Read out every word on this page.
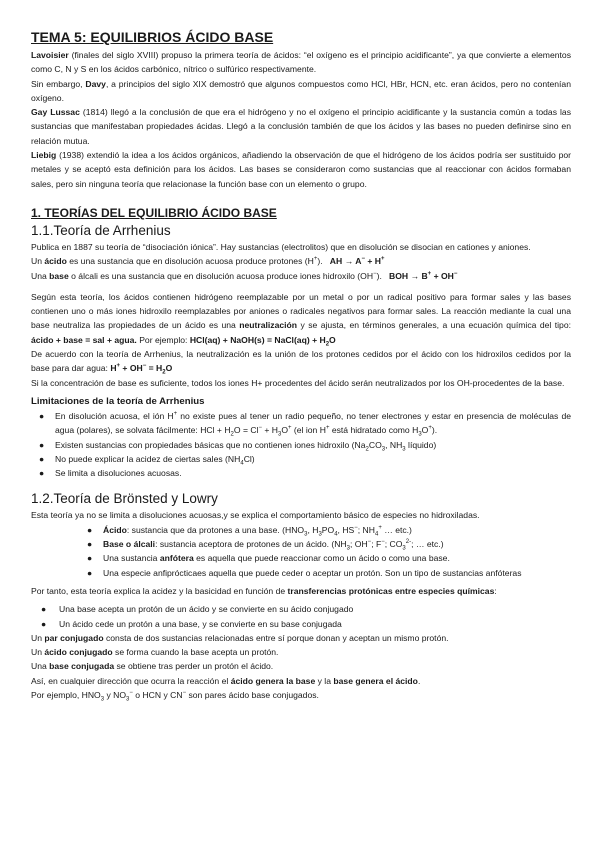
TEMA 5: EQUILIBRIOS ÁCIDO BASE

Lavoisier (finales del siglo XVIII) propuso la primera teoría de ácidos: “el oxígeno es el principio acidificante”, ya que convierte a elementos como C, N y S en los ácidos carbónico, nítrico o sulfúrico respectivamente.

Sin embargo, Davy, a principios del siglo XIX demostró que algunos compuestos como HCl, HBr, HCN, etc. eran ácidos, pero no contenían oxígeno.

Gay Lussac (1814) llegó a la conclusión de que era el hidrógeno y no el oxígeno el principio acidificante y la sustancia común a todas las sustancias que manifestaban propiedades ácidas. Llegó a la conclusión también de que los ácidos y las bases no pueden definirse sino en relación mutua.

Liebig (1938) extendió la idea a los ácidos orgánicos, añadiendo la observación de que el hidrógeno de los ácidos podría ser sustituido por metales y se aceptó esta definición para los ácidos. Las bases se consideraron como sustancias que al reaccionar con ácidos formaban sales, pero sin ninguna teoría que relacionase la función base con un elemento o grupo.

1. TEORÍAS DEL EQUILIBRIO ÁCIDO BASE
1.1.Teoría de Arrhenius

Publica en 1887 su teoría de “disociación iónica”. Hay sustancias (electrolitos) que en disolución se disocian en cationes y aniones.

Un ácido es una sustancia que en disolución acuosa produce protones (H+). AH → A− + H+

Una base o álcali es una sustancia que en disolución acuosa produce iones hidroxilo (OH−). BOH → B+ + OH−

Según esta teoría, los ácidos contienen hidrógeno reemplazable por un metal o por un radical positivo para formar sales y las bases contienen uno o más iones hidroxilo reemplazables por aniones o radicales negativos para formar sales. La reacción mediante la cual una base neutraliza las propiedades de un ácido es una neutralización y se ajusta, en términos generales, a una ecuación química del tipo: ácido + base = sal + agua. Por ejemplo: HCl(aq) + NaOH(s) = NaCl(aq) + $H_2O$

De acuerdo con la teoría de Arrhenius, la neutralización es la unión de los protones cedidos por el ácido con los hidroxilos cedidos por la base para dar agua: $H^+ + OH^- = H_2O$

Si la concentración de base es suficiente, todos los iones H+ procedentes del ácido serán neutralizados por los OH-procedentes de la base.

Limitaciones de la teoría de Arrhenius
● En disolución acuosa, el ión H+ no existe pues al tener un radio pequeño, no tener electrones y estar en presencia de moléculas de agua (polares), se solvata fácilmente: HCl + $H_2O = Cl^- + H_3O^+$ (el ion H+ está hidratado como $H_3O^+$).
● Existen sustancias con propiedades básicas que no contienen iones hidroxilo ($Na_2CO_3$, $NH_3$ líquido)
● No puede explicar la acidez de ciertas sales $(NH_4Cl)$
● Se limita a disoluciones acuosas.
1.2.Teoría de Brönsted y Lowry

Esta teoría ya no se limita a disoluciones acuosas,y se explica el comportamiento básico de especies no hidroxiladas.

● Ácido: sustancia que da protones a una base. ($HNO_3$, $H_3PO_4$, HS−; $NH_4^+$ … etc.)
● Base o álcali: sustancia aceptora de protones de un ácido. ($NH_3$; OH−; F−; $CO_3^{2-}$; … etc.)
● Una sustancia anfótera es aquella que puede reaccionar como un ácido o como una base.
● Una especie anfiprócticaes aquella que puede ceder o aceptar un protón. Son un tipo de sustancias anfóteras

Por tanto, esta teoría explica la acidez y la basicidad en función de transferencias protónicas entre especies químicas:

● Una base acepta un protón de un ácido y se convierte en su ácido conjugado
● Un ácido cede un protón a una base, y se convierte en su base conjugada

Un par conjugado consta de dos sustancias relacionadas entre sí porque donan y aceptan un mismo protón.

Un ácido conjugado se forma cuando la base acepta un protón.

Una base conjugada se obtiene tras perder un protón el ácido.

Así, en cualquier dirección que ocurra la reacción el ácido genera la base y la base genera el ácido.

Por ejemplo, $HNO_3$ y $NO_3^-$ o HCN y CN− son pares ácido base conjugados.
